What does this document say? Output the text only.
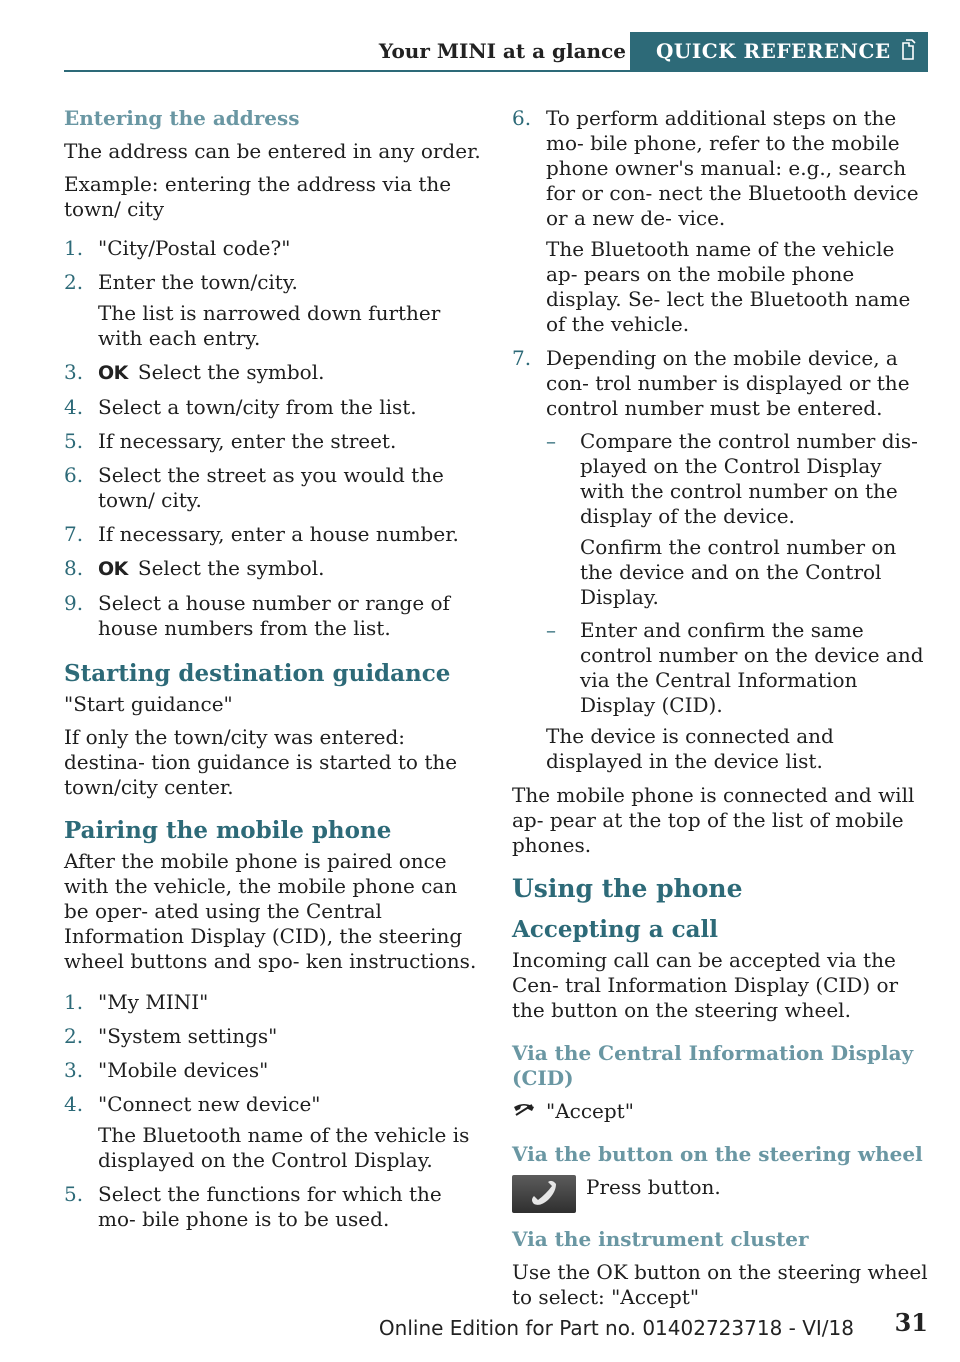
Your MINI at a glance	QUICK REFERENCE
Entering the address

The address can be entered in any order.

Example: entering the address via the town/ city

1. "City/Postal code?"
2. Enter the town/city.
The list is narrowed down further with each entry.
3. OK Select the symbol.
4. Select a town/city from the list.
5. If necessary, enter the street.
6. Select the street as you would the town/ city.
7. If necessary, enter a house number.
8. OK Select the symbol.
9. Select a house number or range of house numbers from the list.
Starting destination guidance

"Start guidance"

If only the town/city was entered: destina‐ tion guidance is started to the town/city center.

Pairing the mobile phone

After the mobile phone is paired once with the vehicle, the mobile phone can be oper‐ ated using the Central Information Display (CID), the steering wheel buttons and spo‐ ken instructions.

1. "My MINI"
2. "System settings"
3. "Mobile devices"
4. "Connect new device"
The Bluetooth name of the vehicle is displayed on the Control Display.
5. Select the functions for which the mo‐ bile phone is to be used.
6. To perform additional steps on the mo‐ bile phone, refer to the mobile phone owner's manual: e.g., search for or con‐ nect the Bluetooth device or a new de‐ vice.
The Bluetooth name of the vehicle ap‐ pears on the mobile phone display. Se‐ lect the Bluetooth name of the vehicle.
7. Depending on the mobile device, a con‐ trol number is displayed or the control number must be entered.
– Compare the control number dis‐ played on the Control Display with the control number on the display of the device.
Confirm the control number on the device and on the Control Display.
– Enter and confirm the same control number on the device and via the Central Information Display (CID).
The device is connected and displayed in the device list.

The mobile phone is connected and will ap‐ pear at the top of the list of mobile phones.

Using the phone
Accepting a call

Incoming call can be accepted via the Cen‐ tral Information Display (CID) or the button on the steering wheel.

Via the Central Information Display (CID)

"Accept"

Via the button on the steering wheel
Press button.
Via the instrument cluster

Use the OK button on the steering wheel to select: "Accept"

Online Edition for Part no. 01402723718 - VI/18 31
